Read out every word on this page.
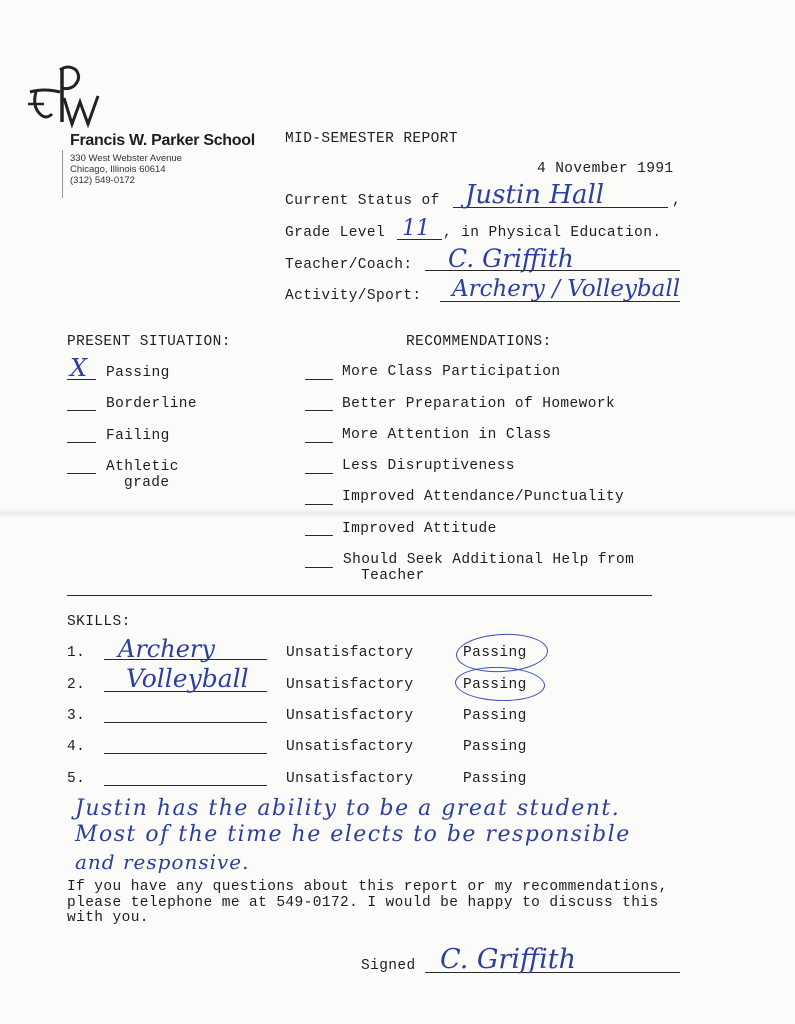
Francis W. Parker School
330 West Webster Avenue
Chicago, Illinois 60614
(312) 549-0172
MID-SEMESTER REPORT
4 November 1991
Current Status of Justin Hall	,
Grade Level 11 , in Physical Education.
Teacher/Coach: C. Griffith
Activity/Sport: Archery / Volleyball
PRESENT SITUATION:
X Passing
Borderline
Failing
Athletic
grade
RECOMMENDATIONS:
More Class Participation
Better Preparation of Homework
More Attention in Class
Less Disruptiveness
Improved Attendance/Punctuality
Improved Attitude
Should Seek Additional Help from
Teacher
SKILLS:
1. Archery	Unsatisfactory	Passing
2. Volleyball	Unsatisfactory	Passing
3.	Unsatisfactory	Passing
4.	Unsatisfactory	Passing
5.	Unsatisfactory	Passing
Justin has the ability to be a great student.
Most of the time he elects to be responsible
and responsive.
If you have any questions about this report or my recommendations,
please telephone me at 549-0172. I would be happy to discuss this
with you.
Signed C. Griffith
